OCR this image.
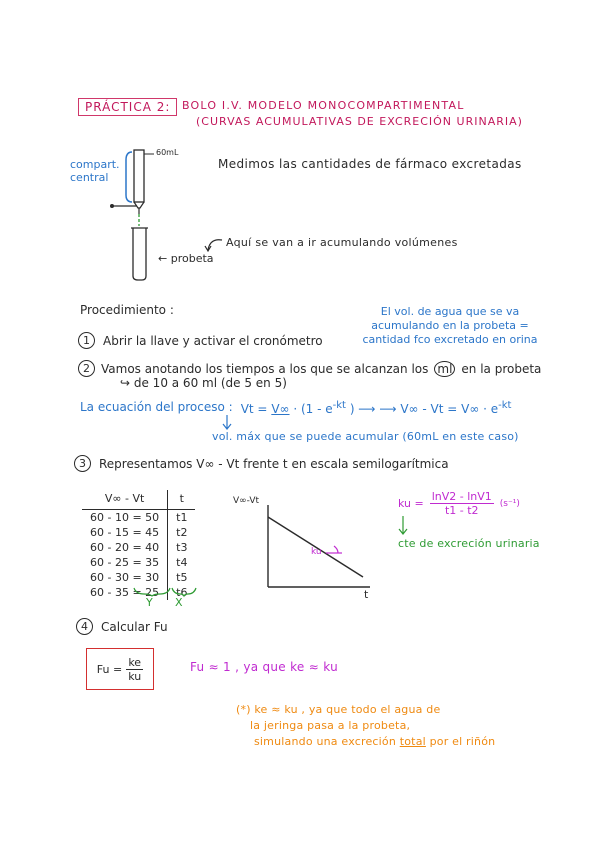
PRÁCTICA 2:	BOLO I.V. MODELO MONOCOMPARTIMENTAL
(CURVAS ACUMULATIVAS DE EXCRECIÓN URINARIA)
compart.
central
60mL
← probeta
Medimos las cantidades de fármaco excretadas
Aquí se van a ir acumulando volúmenes
Procedimiento :	El vol. de agua que se va
acumulando en la probeta =
cantidad fco excretado en orina
1	Abrir la llave y activar el cronómetro
2 Vamos anotando los tiempos a los que se alcanzan los ml en la probeta
↪ de 10 a 60 ml (de 5 en 5)
La ecuación del proceso : $Vt = V\infty \cdot (1 - e^{-kt}$ ) ⟶ ⟶ $V\infty - Vt = V\infty \cdot e^{-kt}$
vol. máx que se puede acumular (60mL en este caso)
3	Representamos V∞ - Vt frente t en escala semilogarítmica
V∞ - Vt	t
60 - 10 = 50	t1
60 - 15 = 45	t2
60 - 20 = 40	t3
60 - 25 = 35	t4
60 - 30 = 30	t5
60 - 35 = 25	t6
Y X
V∞-Vt
t
ku
ku = $\frac{\ln V2 - \ln V1}{t1 - t2} (s^{-1})$
cte de excreción urinaria
4	Calcular Fu
$Fu = \frac{ke}{ku}$	Fu ≈ 1 , ya que ke ≈ ku
(*) ke ≈ ku , ya que todo el agua de
la jeringa pasa a la probeta,
simulando una excreción total por el riñón
